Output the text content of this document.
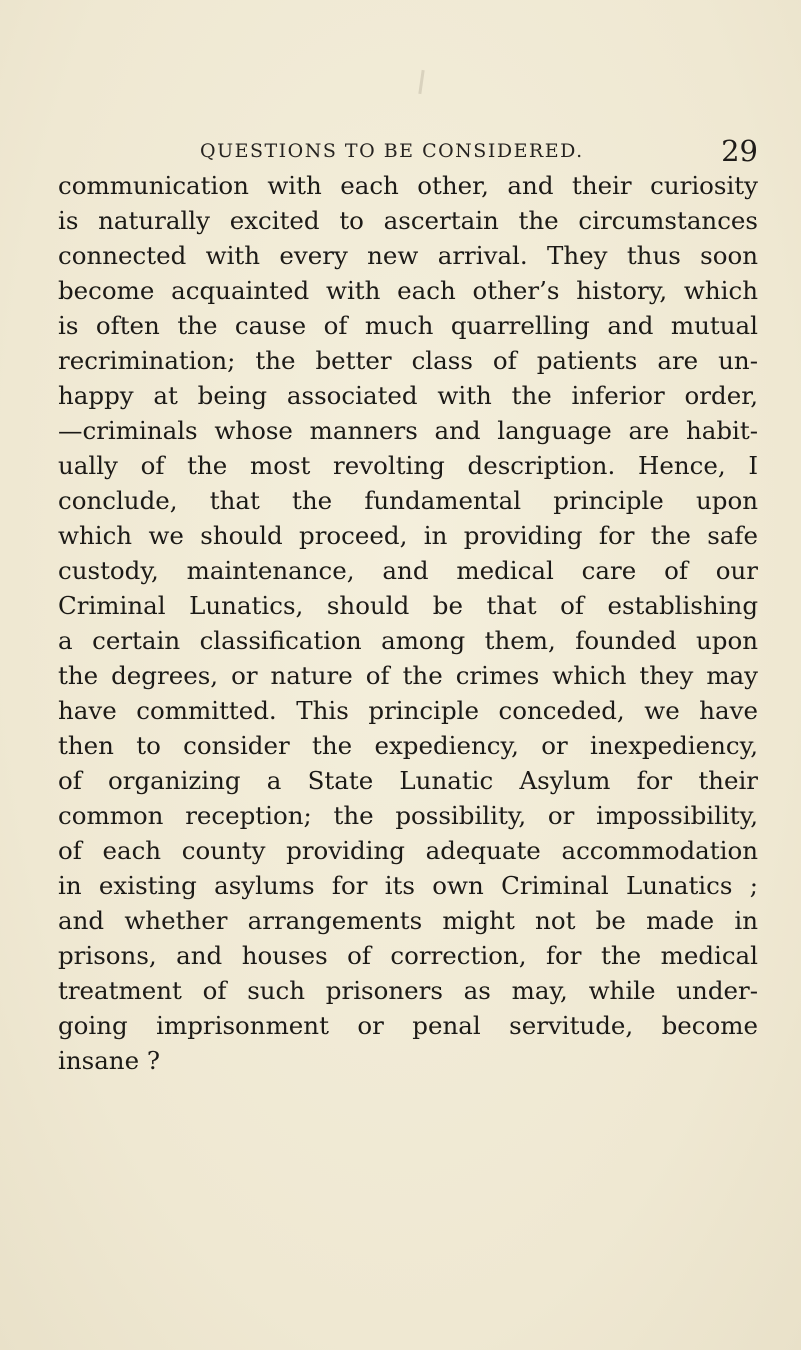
QUESTIONS TO BE CONSIDERED.	29
communication with each other, and their curiosity
is naturally excited to ascertain the circumstances
connected with every new arrival. They thus soon
become acquainted with each other’s history, which
is often the cause of much quarrelling and mutual
recrimination; the better class of patients are un-
happy at being associated with the inferior order,
—criminals whose manners and language are habit-
ually of the most revolting description. Hence, I
conclude, that the fundamental principle upon
which we should proceed, in providing for the safe
custody, maintenance, and medical care of our
Criminal Lunatics, should be that of establishing
a certain classification among them, founded upon
the degrees, or nature of the crimes which they may
have committed. This principle conceded, we have
then to consider the expediency, or inexpediency,
of organizing a State Lunatic Asylum for their
common reception; the possibility, or impossibility,
of each county providing adequate accommodation
in existing asylums for its own Criminal Lunatics ;
and whether arrangements might not be made in
prisons, and houses of correction, for the medical
treatment of such prisoners as may, while under-
going imprisonment or penal servitude, become
insane ?
